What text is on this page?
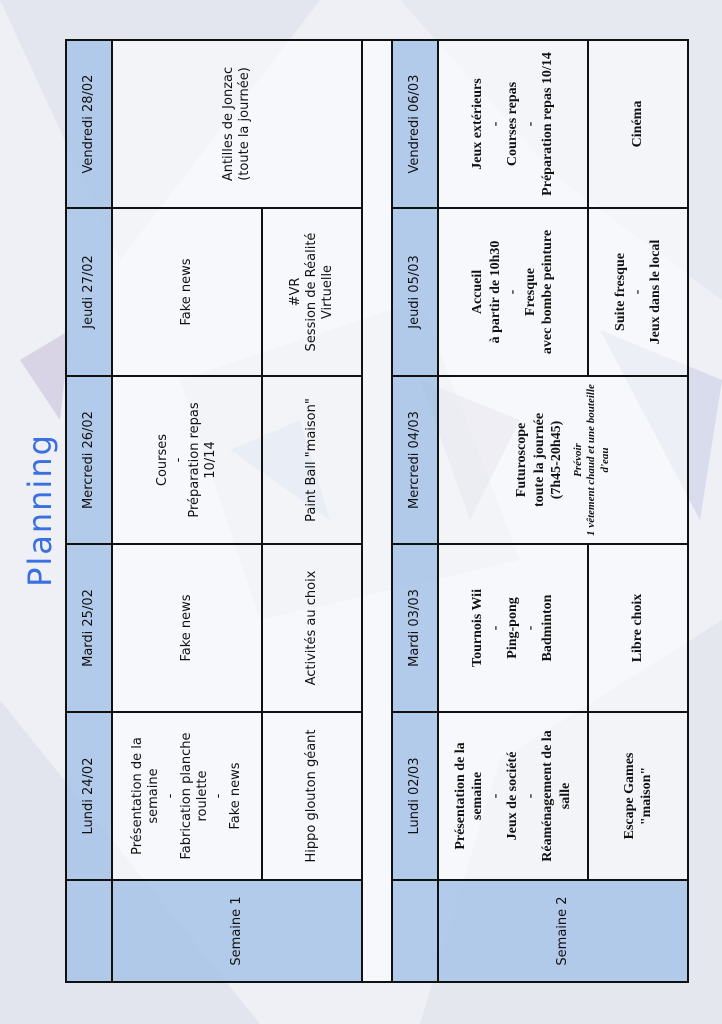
Planning
	Lundi 24/02	Mardi 25/02	Mercredi 26/02	Jeudi 27/02	Vendredi 28/02
Semaine 1	Présentation de la semaine - Fabrication planche roulette - Fake news	Fake news	Courses - Préparation repas 10/14	Fake news	Antilles de Jonzac (toute la journée)

	Hippo glouton géant	Activités au choix	Paint Ball "maison"	#VR Session de Réalité Virtuelle	

	Lundi 02/03	Mardi 03/03	Mercredi 04/03	Jeudi 05/03	Vendredi 06/03
Semaine 2	Présentation de la semaine - Jeux de société - Réaménagement de la salle	Tournois Wii - Ping-pong - Badminton	Futuroscope toute la journée (7h45-20h45) Prévoir 1 vêtement chaud et une bouteille d'eau	Accueil à partir de 10h30 - Fresque avec bombe peinture	Jeux extérieurs - Courses repas - Préparation repas 10/14

	Escape Games "maison"	Libre choix		Suite fresque - Jeux dans le local	Cinéma
